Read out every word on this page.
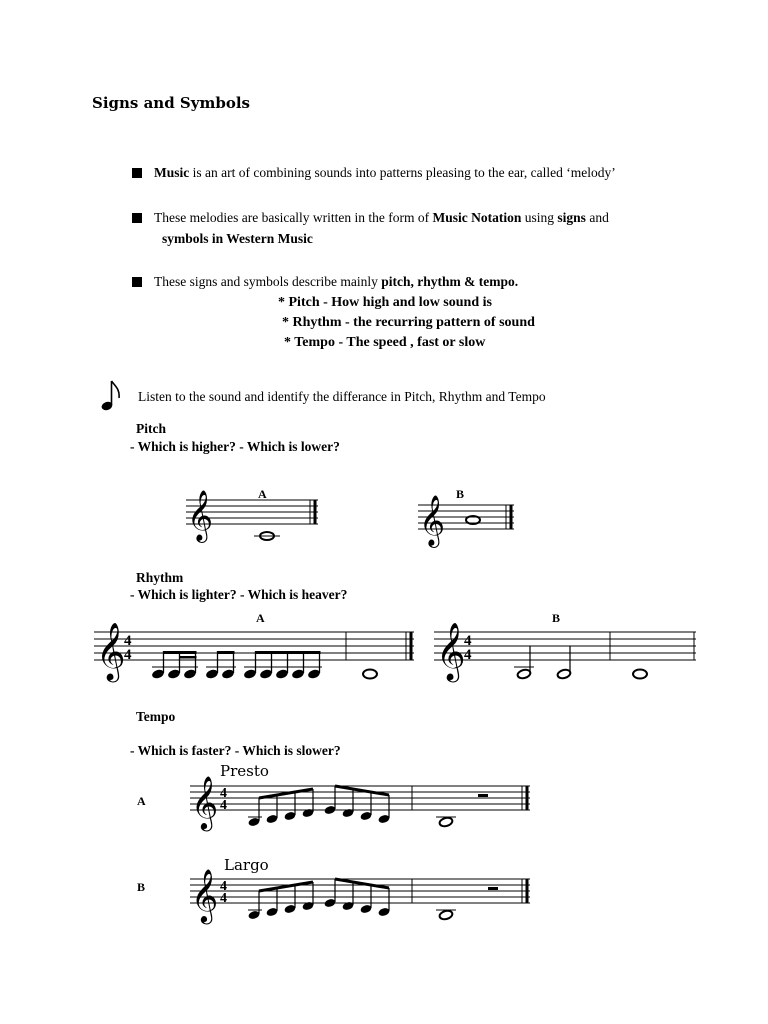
Signs and Symbols
Music is an art of combining sounds into patterns pleasing to the ear, called ‘melody’
These melodies are basically written in the form of Music Notation using signs and
symbols in Western Music
These signs and symbols describe mainly pitch, rhythm & tempo.
* Pitch - How high and low sound is
* Rhythm - the recurring pattern of sound
* Tempo - The speed , fast or slow
Listen to the sound and identify the differance in Pitch, Rhythm and Tempo
Pitch
- Which is higher? - Which is lower?
A	B
𝄞	𝄞
Rhythm
- Which is lighter? - Which is heaver?
A	B
𝄞
4
4	𝄞
4
4
Tempo
- Which is faster? - Which is slower?
Presto
A 𝄞 4
4
Largo
B 𝄞 4
4
